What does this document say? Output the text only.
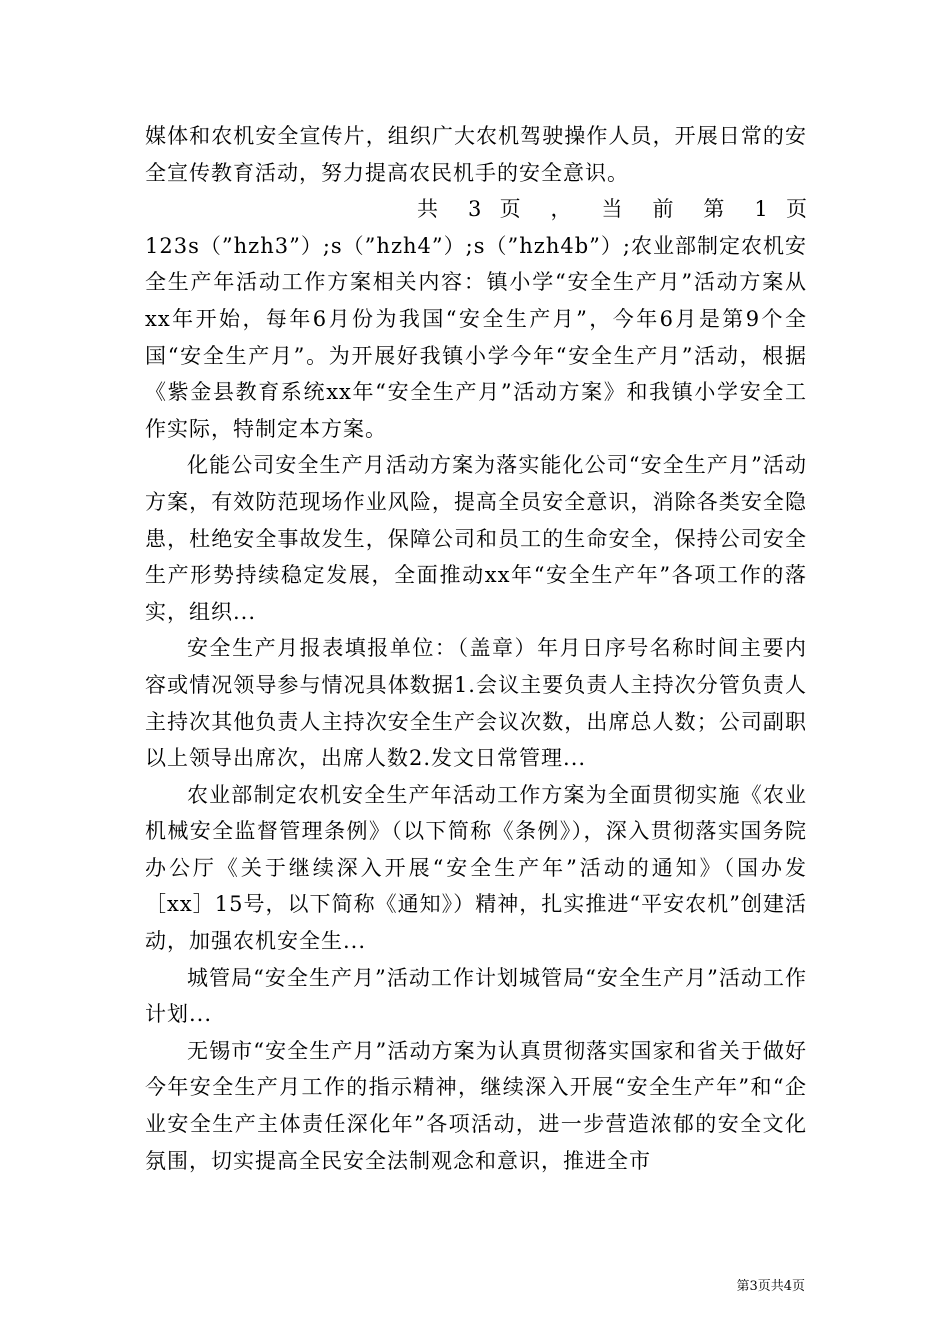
媒体和农机安全宣传片，组织广大农机驾驶操作人员，开展日常的安全宣传教育活动，努力提高农民机手的安全意识。

共 3 页 ， 当 前 第 1 页

123s（”hzh3”）;s（”hzh4”）;s（”hzh4b”）;农业部制定农机安全生产年活动工作方案相关内容：镇小学“安全生产月”活动方案从xx年开始，每年6月份为我国“安全生产月”，今年6月是第9个全国“安全生产月”。为开展好我镇小学今年“安全生产月”活动，根据《紫金县教育系统xx年“安全生产月”活动方案》和我镇小学安全工作实际，特制定本方案。

化能公司安全生产月活动方案为落实能化公司“安全生产月”活动方案，有效防范现场作业风险，提高全员安全意识，消除各类安全隐患，杜绝安全事故发生，保障公司和员工的生命安全，保持公司安全生产形势持续稳定发展，全面推动xx年“安全生产年”各项工作的落实，组织...

安全生产月报表填报单位：（盖章）年月日序号名称时间主要内容或情况领导参与情况具体数据1.会议主要负责人主持次分管负责人主持次其他负责人主持次安全生产会议次数，出席总人数；公司副职以上领导出席次，出席人数2.发文日常管理...

农业部制定农机安全生产年活动工作方案为全面贯彻实施《农业机械安全监督管理条例》（以下简称《条例》），深入贯彻落实国务院办公厅《关于继续深入开展“安全生产年”活动的通知》（国办发［xx］15号，以下简称《通知》）精神，扎实推进“平安农机”创建活动，加强农机安全生...

城管局“安全生产月”活动工作计划城管局“安全生产月”活动工作计划...

无锡市“安全生产月”活动方案为认真贯彻落实国家和省关于做好今年安全生产月工作的指示精神，继续深入开展“安全生产年”和“企业安全生产主体责任深化年”各项活动，进一步营造浓郁的安全文化氛围，切实提高全民安全法制观念和意识，推进全市

第3页共4页
